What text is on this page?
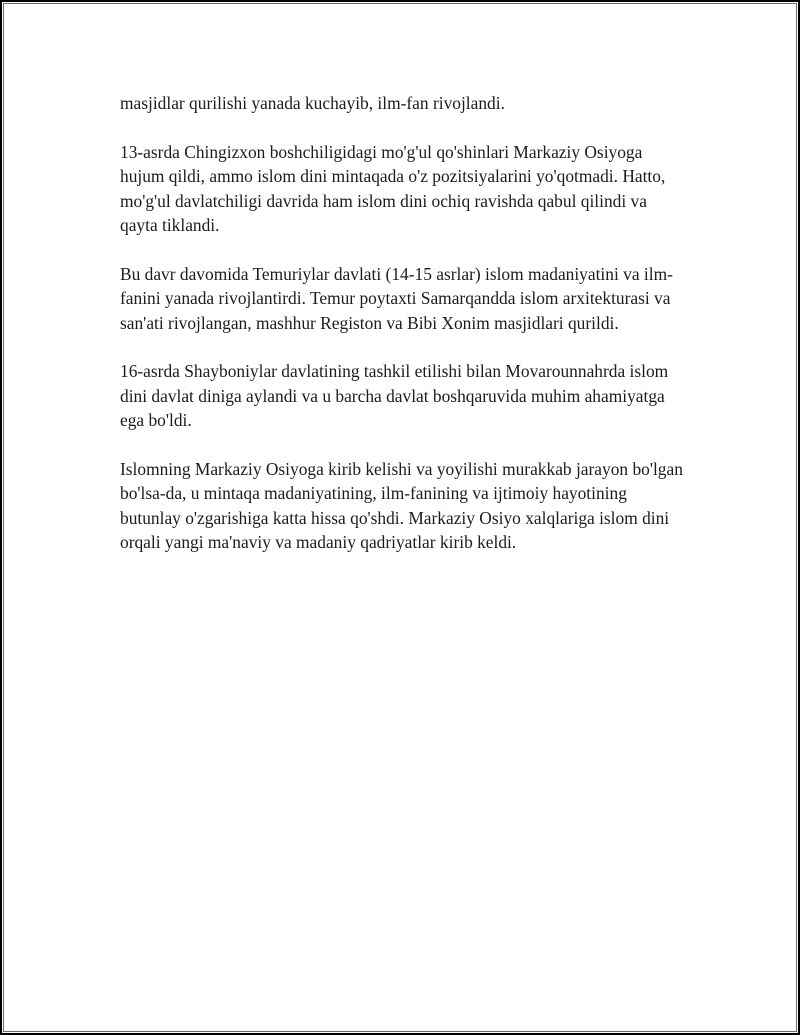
masjidlar qurilishi yanada kuchayib, ilm-fan rivojlandi.

13-asrda Chingizxon boshchiligidagi mo'g'ul qo'shinlari Markaziy Osiyoga hujum qildi, ammo islom dini mintaqada o'z pozitsiyalarini yo'qotmadi. Hatto, mo'g'ul davlatchiligi davrida ham islom dini ochiq ravishda qabul qilindi va qayta tiklandi.

Bu davr davomida Temuriylar davlati (14-15 asrlar) islom madaniyatini va ilm-fanini yanada rivojlantirdi. Temur poytaxti Samarqandda islom arxitekturasi va san'ati rivojlangan, mashhur Registon va Bibi Xonim masjidlari qurildi.

16-asrda Shayboniylar davlatining tashkil etilishi bilan Movarounnahrda islom dini davlat diniga aylandi va u barcha davlat boshqaruvida muhim ahamiyatga ega bo'ldi.

Islomning Markaziy Osiyoga kirib kelishi va yoyilishi murakkab jarayon bo'lgan bo'lsa-da, u mintaqa madaniyatining, ilm-fanining va ijtimoiy hayotining butunlay o'zgarishiga katta hissa qo'shdi. Markaziy Osiyo xalqlariga islom dini orqali yangi ma'naviy va madaniy qadriyatlar kirib keldi.
